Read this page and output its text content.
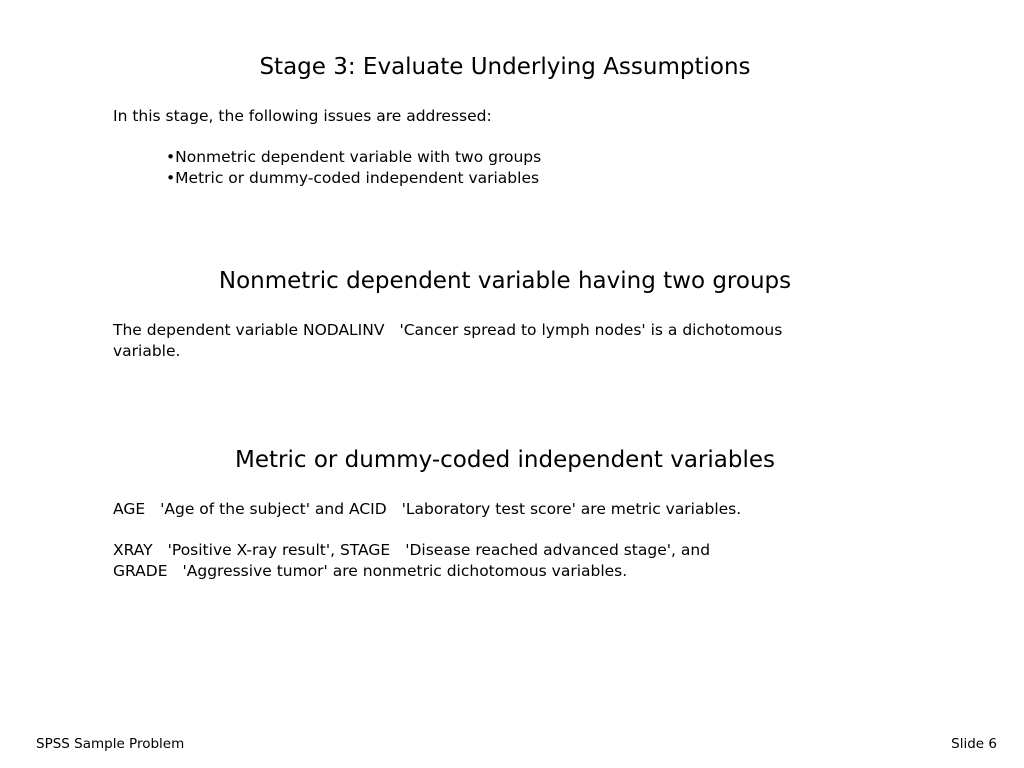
Stage 3: Evaluate Underlying Assumptions

In this stage, the following issues are addressed:

•Nonmetric dependent variable with two groups
•Metric or dummy-coded independent variables
Nonmetric dependent variable having two groups

The dependent variable NODALINV 'Cancer spread to lymph nodes' is a dichotomous

variable.

Metric or dummy-coded independent variables

AGE 'Age of the subject' and ACID 'Laboratory test score' are metric variables.

XRAY 'Positive X-ray result', STAGE 'Disease reached advanced stage', and

GRADE 'Aggressive tumor' are nonmetric dichotomous variables.

SPSS Sample Problem	Slide 6
